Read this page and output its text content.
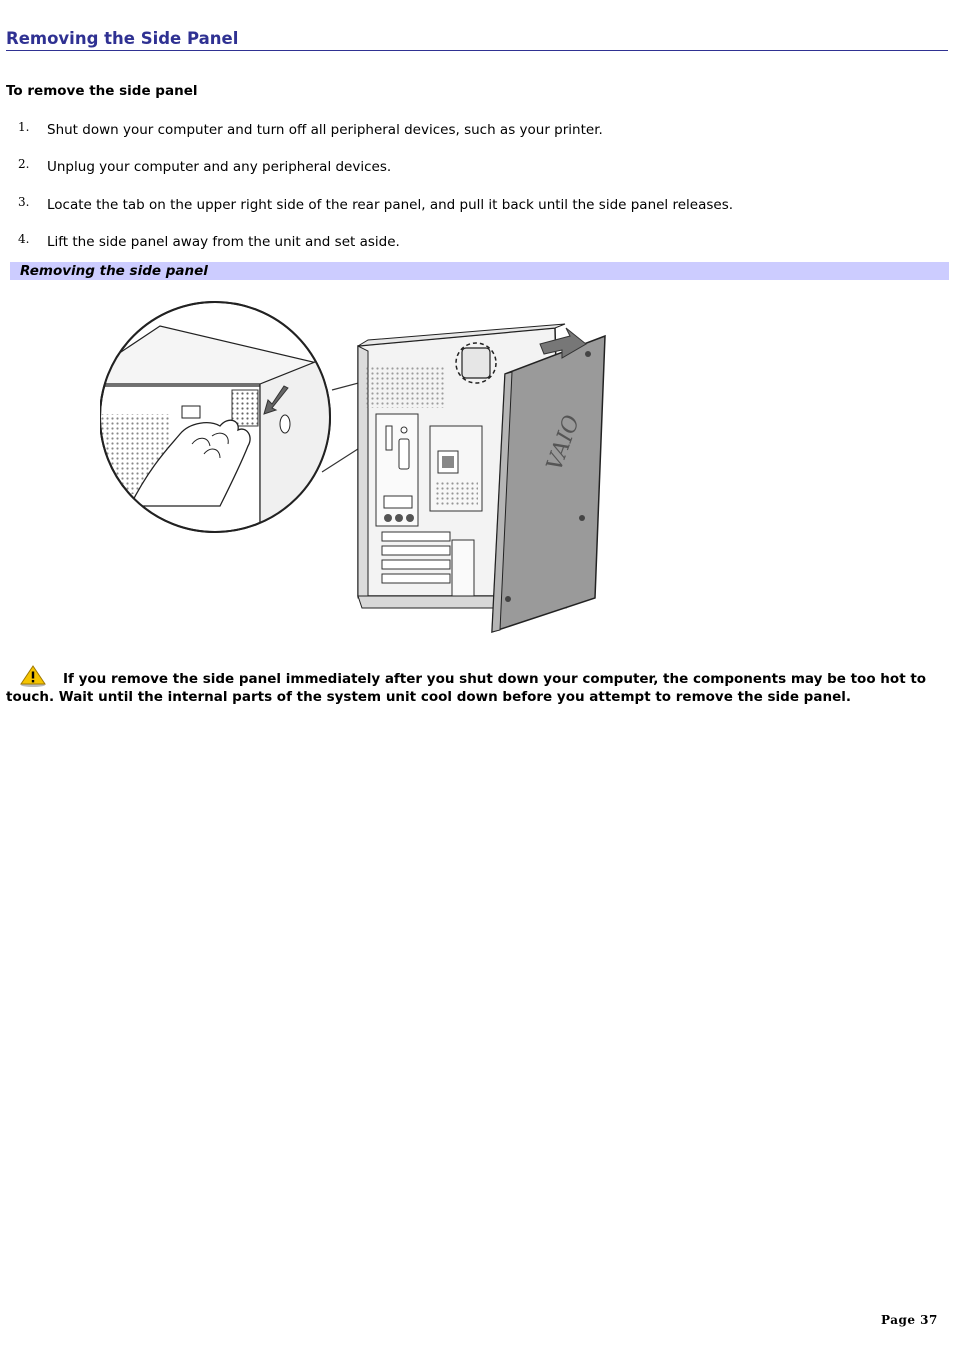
Removing the Side Panel
To remove the side panel
1. Shut down your computer and turn off all peripheral devices, such as your printer.
2. Unplug your computer and any peripheral devices.
3. Locate the tab on the upper right side of the rear panel, and pull it back until the side panel releases.
4. Lift the side panel away from the unit and set aside.
Removing the side panel
VAIO
If you remove the side panel immediately after you shut down your computer, the components may be too hot to touch. Wait until the internal parts of the system unit cool down before you attempt to remove the side panel.
Page 37
